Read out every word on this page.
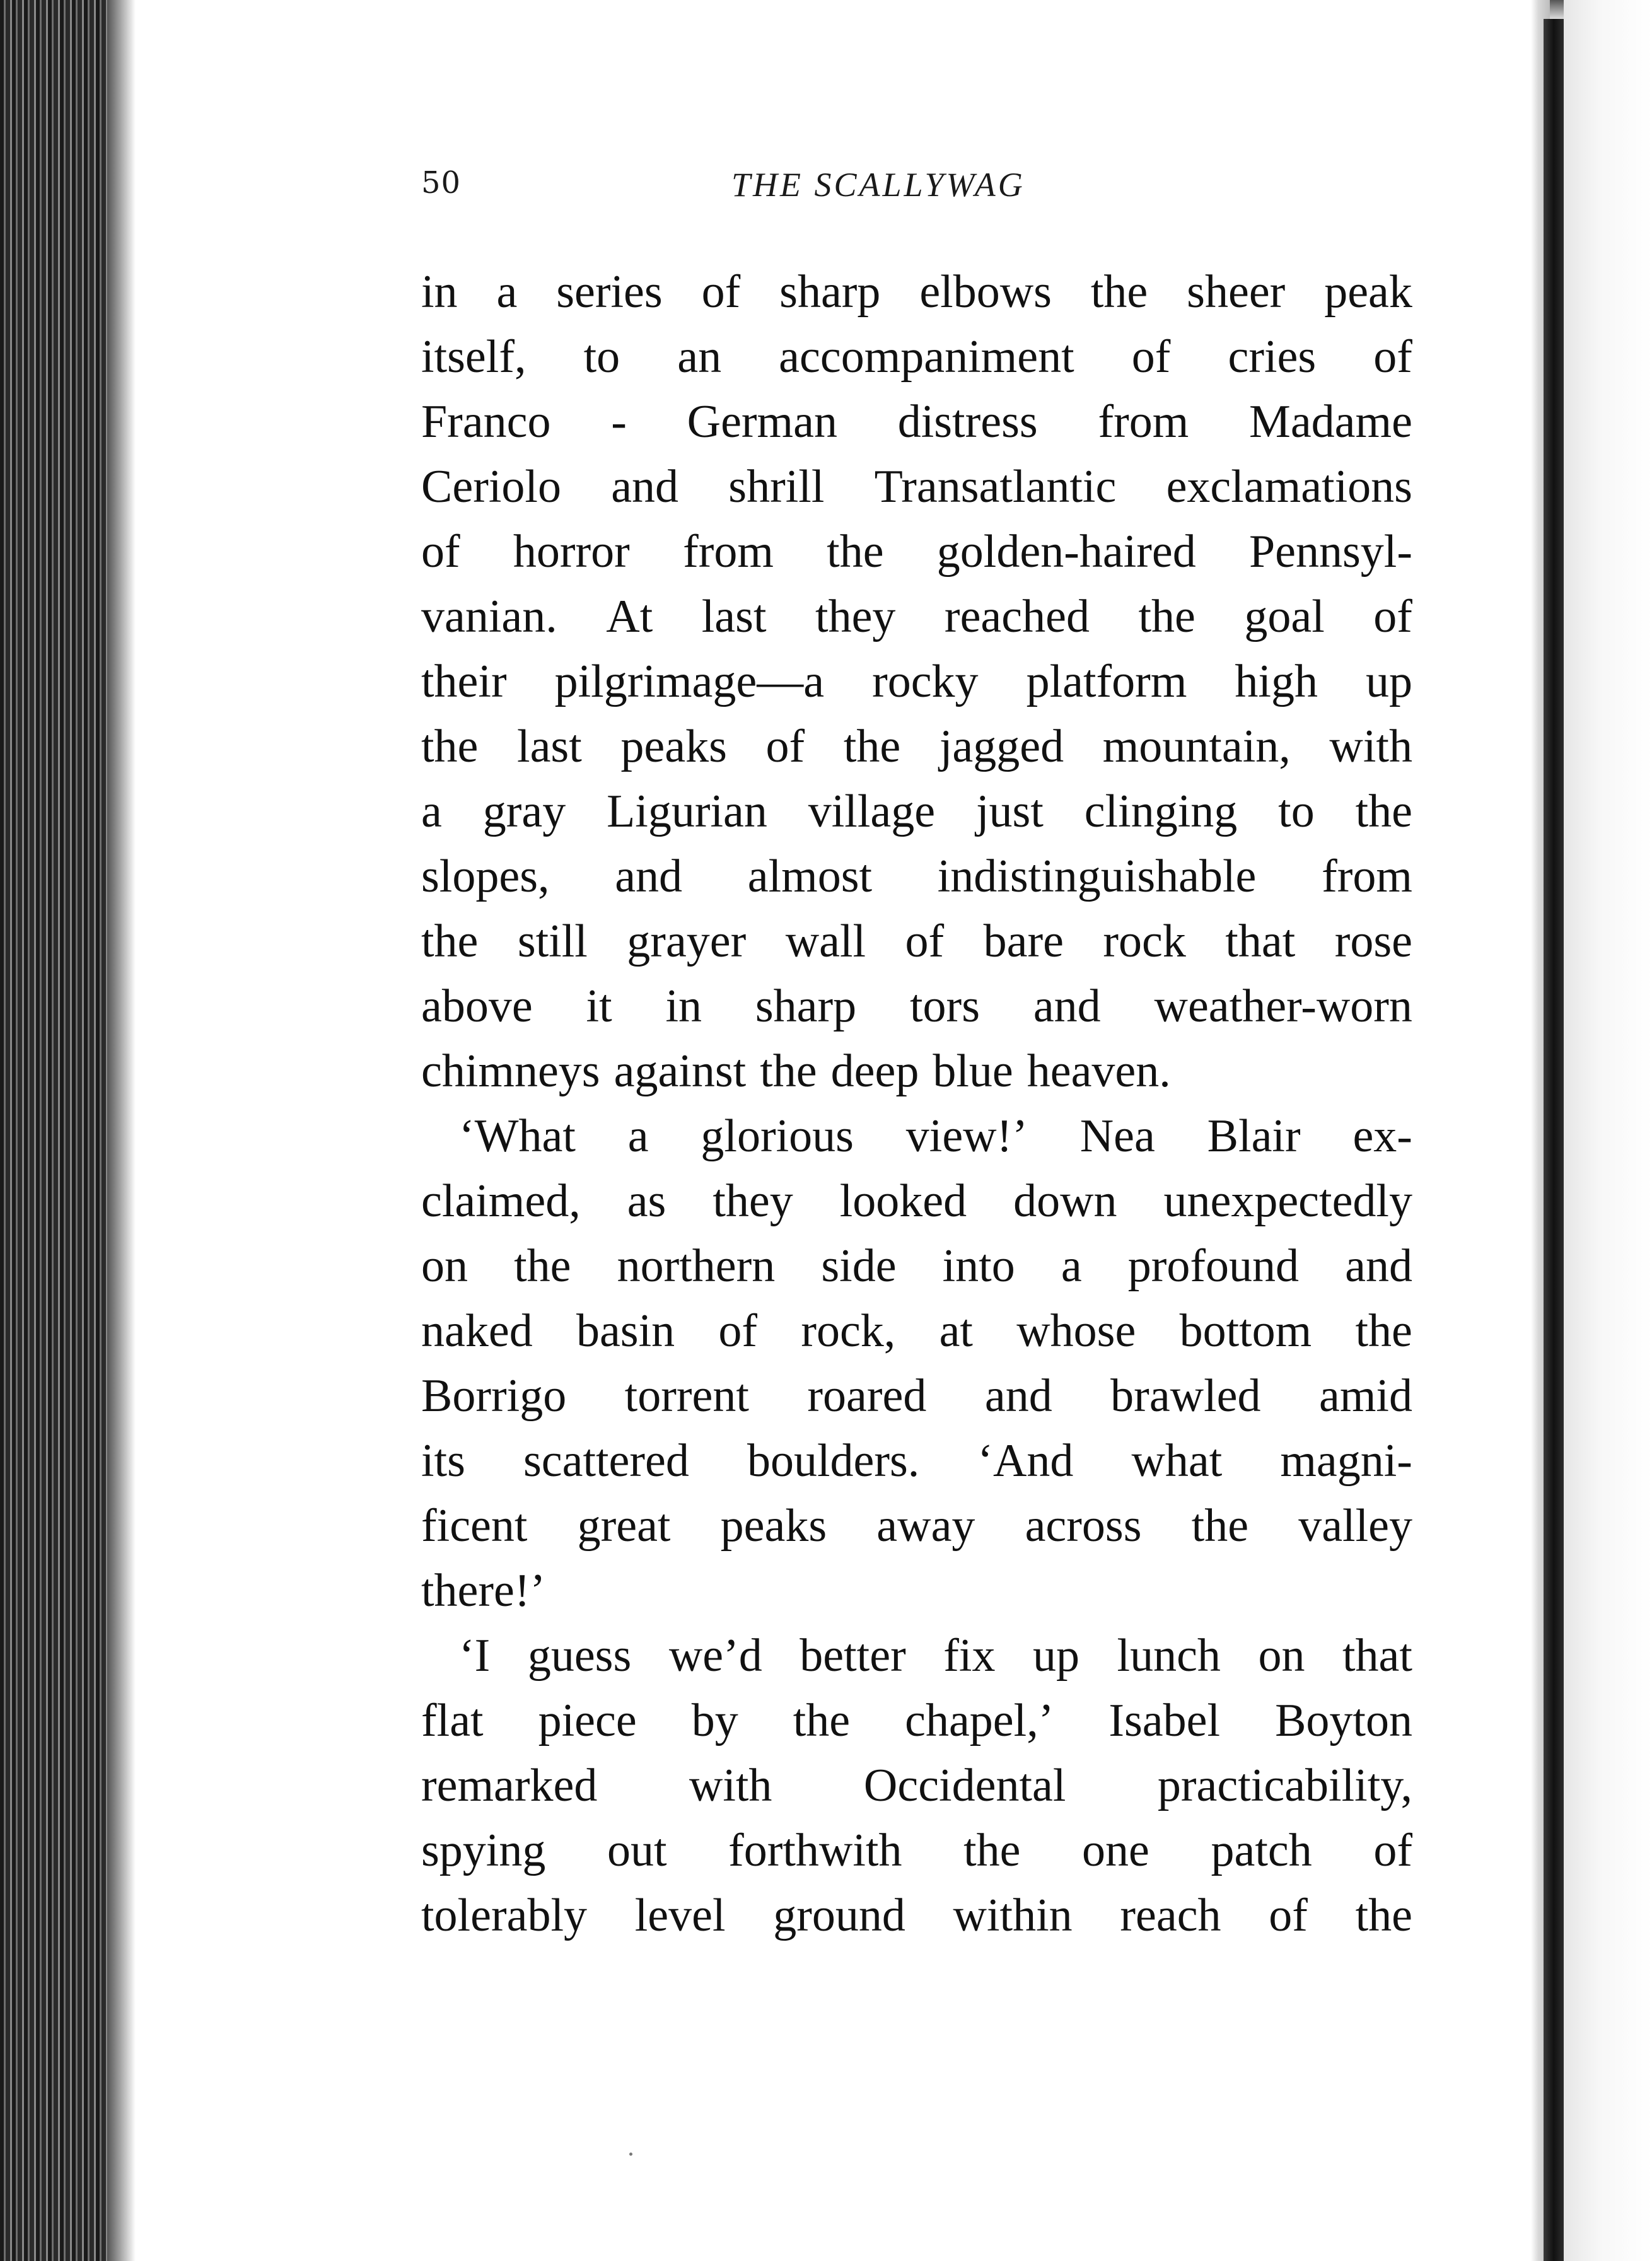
50	THE SCALLYWAG
in a series of sharp elbows the sheer peak
itself, to an accompaniment of cries of
Franco - German distress from Madame
Ceriolo and shrill Transatlantic exclamations
of horror from the golden-haired Pennsyl-
vanian. At last they reached the goal of
their pilgrimage—a rocky platform high up
the last peaks of the jagged mountain, with
a gray Ligurian village just clinging to the
slopes, and almost indistinguishable from
the still grayer wall of bare rock that rose
above it in sharp tors and weather-worn
chimneys against the deep blue heaven.
‘What a glorious view!’ Nea Blair ex-
claimed, as they looked down unexpectedly
on the northern side into a profound and
naked basin of rock, at whose bottom the
Borrigo torrent roared and brawled amid
its scattered boulders. ‘And what magni-
ficent great peaks away across the valley
there!’
‘I guess we’d better fix up lunch on that
flat piece by the chapel,’ Isabel Boyton
remarked with Occidental practicability,
spying out forthwith the one patch of
tolerably level ground within reach of the
